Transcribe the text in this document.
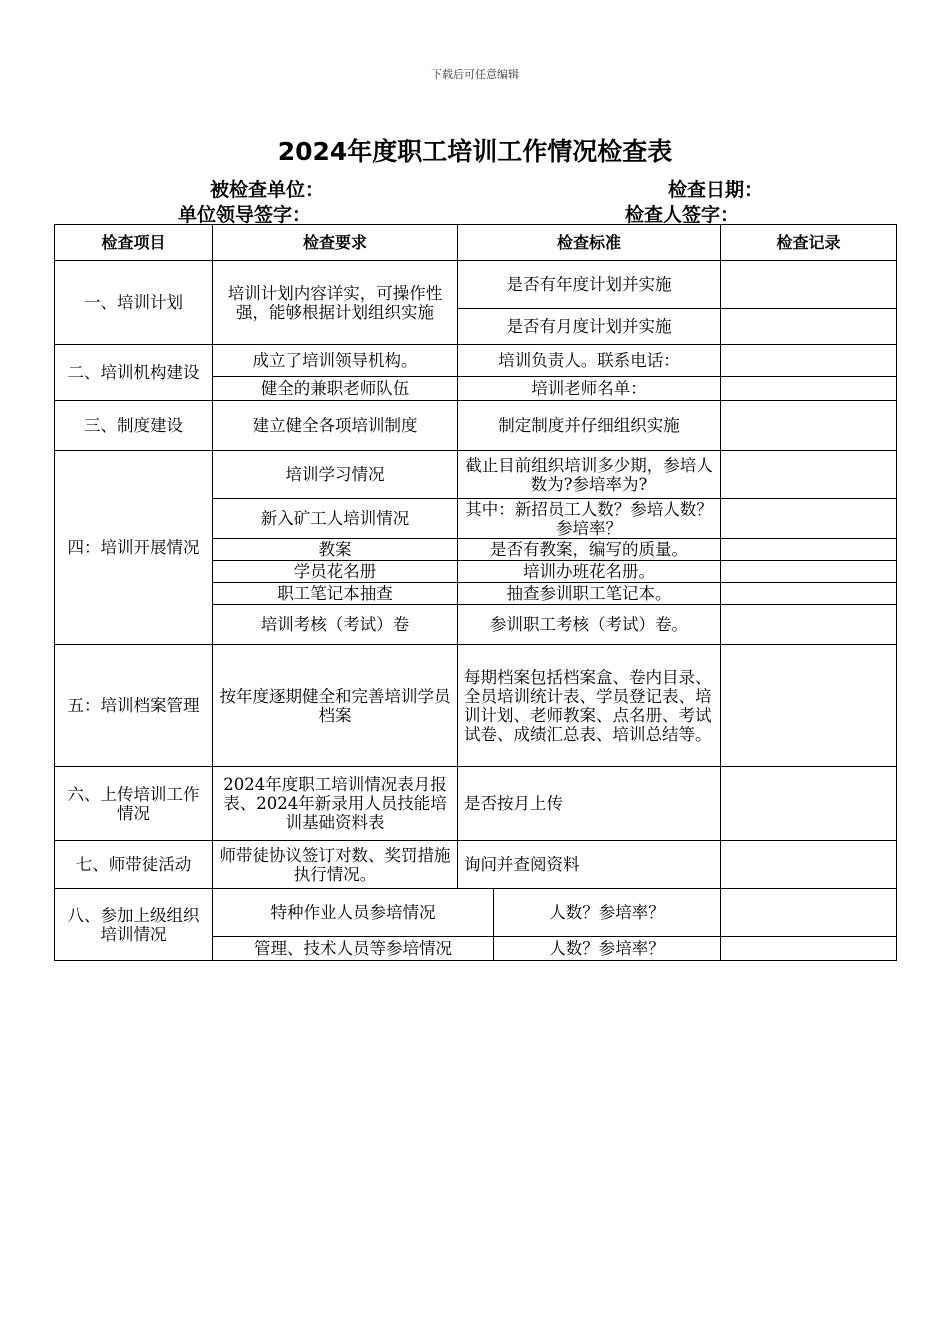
下载后可任意编辑
2024年度职工培训工作情况检查表
被检查单位：	检查日期：
单位领导签字：	检查人签字：
检查项目	检查要求	检查标准		检查记录
一、培训计划	培训计划内容详实，可操作性强，能够根据计划组织实施	是否有年度计划并实施		
		是否有月度计划并实施		
二、培训机构建设	成立了培训领导机构。	培训负责人。联系电话：		
	健全的兼职老师队伍	培训老师名单：		
三、制度建设	建立健全各项培训制度	制定制度并仔细组织实施		
四：培训开展情况	培训学习情况	截止目前组织培训多少期，参培人数为?参培率为?		
	新入矿工人培训情况	其中：新招员工人数？参培人数？参培率？		
	教案	是否有教案，编写的质量。		
	学员花名册	培训办班花名册。		
	职工笔记本抽查	抽查参训职工笔记本。		
	培训考核（考试）卷	参训职工考核（考试）卷。		
五：培训档案管理	按年度逐期健全和完善培训学员档案	每期档案包括档案盒、卷内目录、全员培训统计表、学员登记表、培训计划、老师教案、点名册、考试试卷、成绩汇总表、培训总结等。		
六、上传培训工作情况	2024年度职工培训情况表月报表、2024年新录用人员技能培训基础资料表	是否按月上传		
七、师带徒活动	师带徒协议签订对数、奖罚措施执行情况。	询问并查阅资料		
八、参加上级组织培训情况	特种作业人员参培情况		人数？参培率？	
	管理、技术人员等参培情况		人数？参培率？	
